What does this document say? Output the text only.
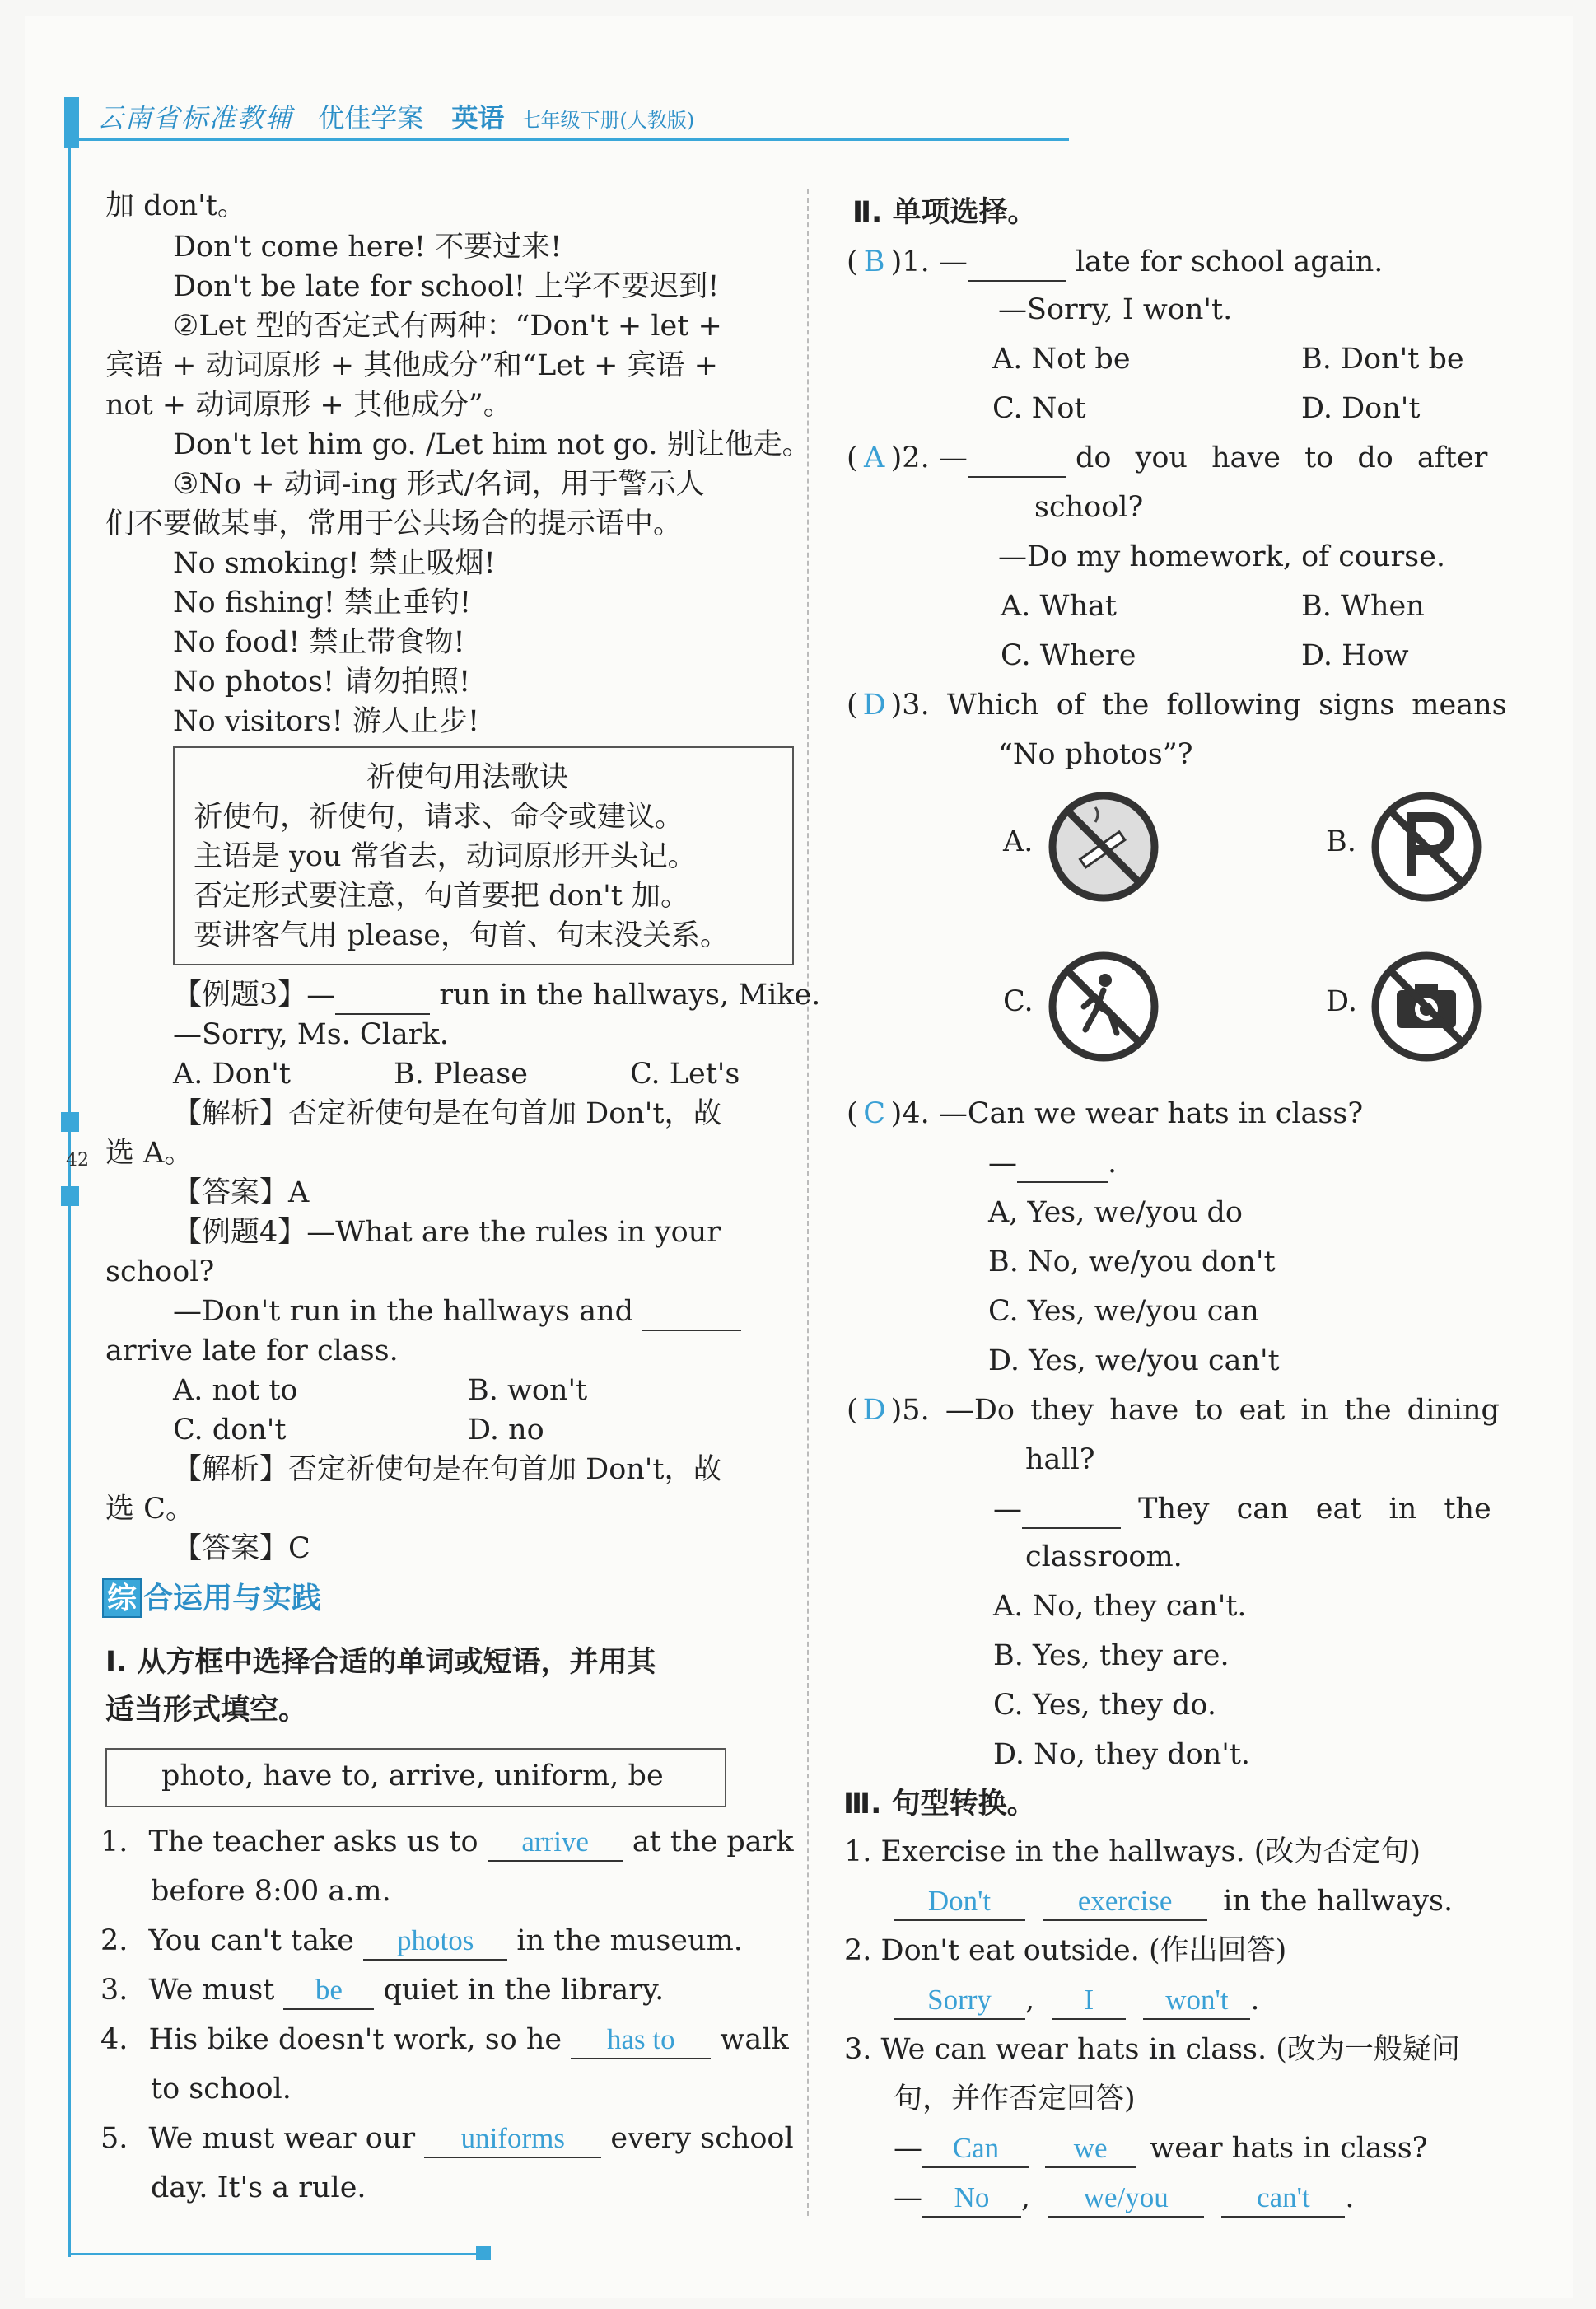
云南省标准教辅 优佳学案 英语 七年级下册(人教版)
42
加 don't。
Don't come here! 不要过来!
Don't be late for school! 上学不要迟到!
②Let 型的否定式有两种：“Don't + let +
宾语 + 动词原形 + 其他成分”和“Let + 宾语 +
not + 动词原形 + 其他成分”。
Don't let him go. /Let him not go. 别让他走。
③No + 动词-ing 形式/名词，用于警示人
们不要做某事，常用于公共场合的提示语中。
No smoking! 禁止吸烟!
No fishing! 禁止垂钓!
No food! 禁止带食物!
No photos! 请勿拍照!
No visitors! 游人止步!
祈使句用法歌诀
祈使句，祈使句，请求、命令或建议。
主语是 you 常省去，动词原形开头记。
否定形式要注意，句首要把 don't 加。
要讲客气用 please，句首、句末没关系。
【例题3】—	run in the hallways, Mike.
—Sorry, Ms. Clark.
A. Don't	B. Please	C. Let's
【解析】否定祈使句是在句首加 Don't，故
选 A。
【答案】A
【例题4】—What are the rules in your
school?
—Don't run in the hallways and
arrive late for class.
A. not to	B. won't
C. don't	D. no
【解析】否定祈使句是在句首加 Don't，故
选 C。
【答案】C
综 合运用与实践
Ⅰ. 从方框中选择合适的单词或短语，并用其
适当形式填空。
photo, have to, arrive, uniform, be
1. The teacher asks us to arrive at the park
before 8:00 a.m.
2. You can't take photos in the museum.
3. We must be quiet in the library.
4. His bike doesn't work, so he has to walk
to school.
5. We must wear our uniforms every school
day. It's a rule.
Ⅱ. 单项选择。
( B )1. —	late for school again.
—Sorry, I won't.
A. Not be	B. Don't be
C. Not	D. Don't
( A )2. —	do you have to do after
school?
—Do my homework, of course.
A. What	B. When
C. Where	D. How
( D )3. Which of the following signs means
“No photos”?
A.	B.
C.	D.
( C )4. —Can we wear hats in class?
—	.
A, Yes, we/you do
B. No, we/you don't
C. Yes, we/you can
D. Yes, we/you can't
( D )5. —Do they have to eat in the dining
hall?
—	They can eat in the
classroom.
A. No, they can't.
B. Yes, they are.
C. Yes, they do.
D. No, they don't.
Ⅲ. 句型转换。
1. Exercise in the hallways. (改为否定句)
Don't	exercise in the hallways.
2. Don't eat outside. (作出回答)
Sorry , I won't .
3. We can wear hats in class. (改为一般疑问
句，并作否定回答)
— Can	we wear hats in class?
— No , we/you	can't .
